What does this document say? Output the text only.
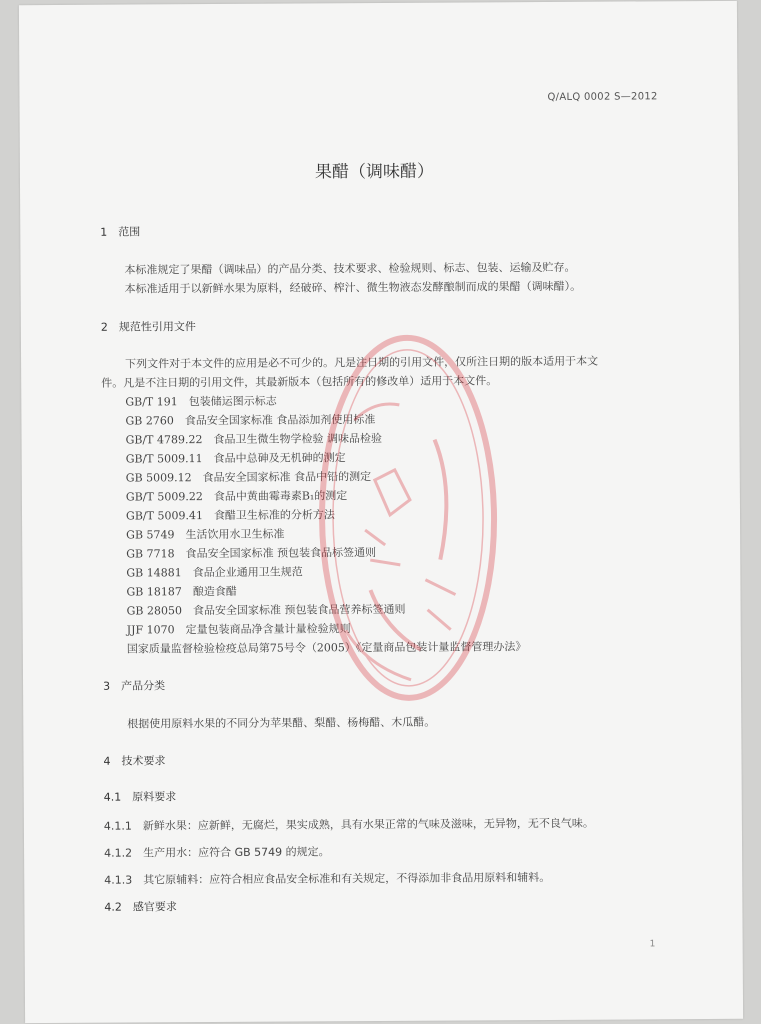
Q/ALQ 0002 S—2012
果醋（调味醋）
1　范围
本标准规定了果醋（调味品）的产品分类、技术要求、检验规则、标志、包装、运输及贮存。
本标准适用于以新鲜水果为原料，经破碎、榨汁、微生物液态发酵酿制而成的果醋（调味醋）。
2　规范性引用文件
下列文件对于本文件的应用是必不可少的。凡是注日期的引用文件，仅所注日期的版本适用于本文
件。凡是不注日期的引用文件，其最新版本（包括所有的修改单）适用于本文件。
GB/T 191　包装储运图示标志
GB 2760　食品安全国家标准 食品添加剂使用标准
GB/T 4789.22　食品卫生微生物学检验 调味品检验
GB/T 5009.11　食品中总砷及无机砷的测定
GB 5009.12　食品安全国家标准 食品中铅的测定
GB/T 5009.22　食品中黄曲霉毒素B₁的测定
GB/T 5009.41　食醋卫生标准的分析方法
GB 5749　生活饮用水卫生标准
GB 7718　食品安全国家标准 预包装食品标签通则
GB 14881　食品企业通用卫生规范
GB 18187　酿造食醋
GB 28050　食品安全国家标准 预包装食品营养标签通则
JJF 1070　定量包装商品净含量计量检验规则
国家质量监督检验检疫总局第75号令（2005）《定量商品包装计量监督管理办法》
3　产品分类
根据使用原料水果的不同分为苹果醋、梨醋、杨梅醋、木瓜醋。
4　技术要求
4.1　原料要求
4.1.1　新鲜水果：应新鲜，无腐烂，果实成熟，具有水果正常的气味及滋味，无异物，无不良气味。
4.1.2　生产用水：应符合 GB 5749 的规定。
4.1.3　其它原辅料：应符合相应食品安全标准和有关规定，不得添加非食品用原料和辅料。
4.2　感官要求
1
